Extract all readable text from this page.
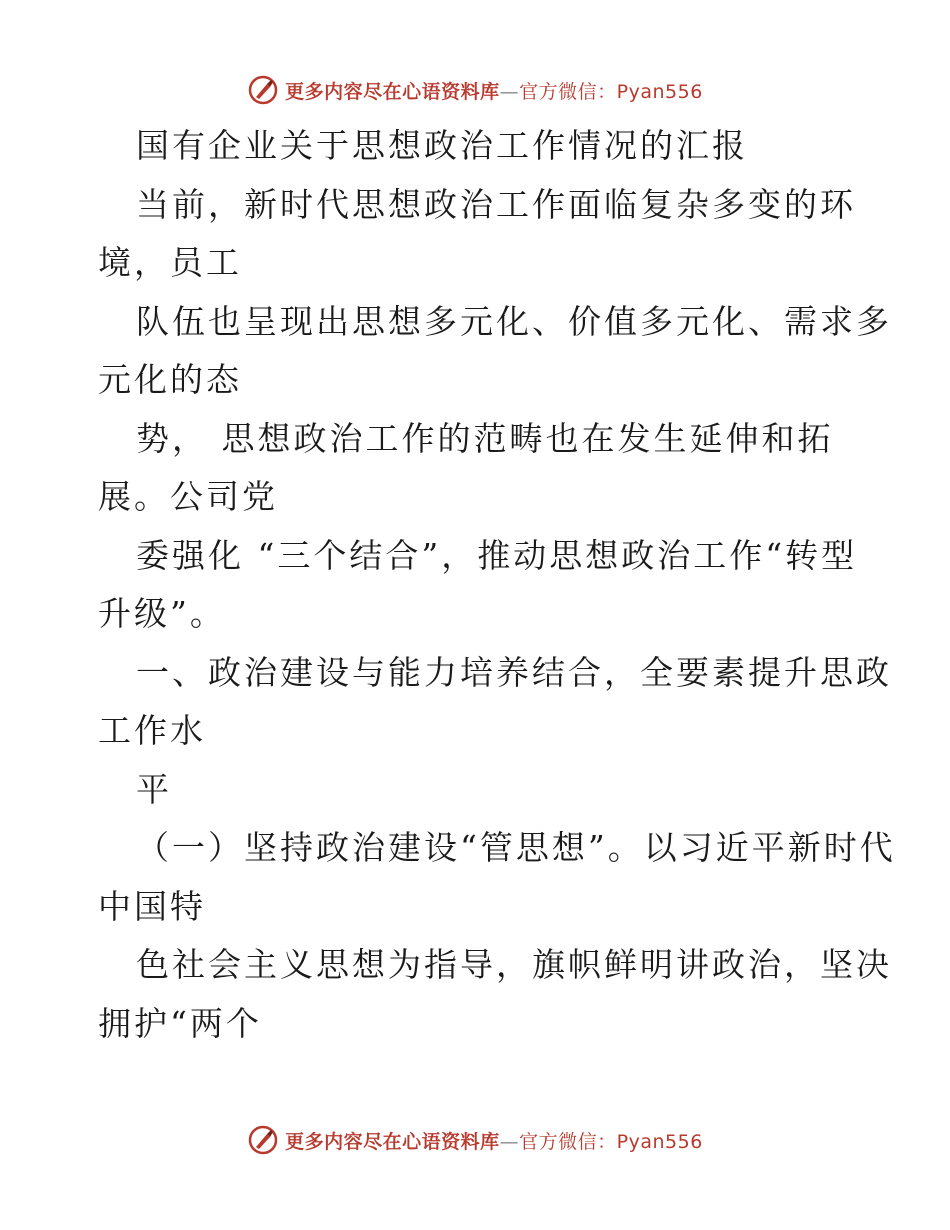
更多内容尽在心语资料库—官方微信：Pyan556
国有企业关于思想政治工作情况的汇报
当前，新时代思想政治工作面临复杂多变的环
境，员工
队伍也呈现出思想多元化、价值多元化、需求多
元化的态
势， 思想政治工作的范畴也在发生延伸和拓
展。公司党
委强化 “三个结合”，推动思想政治工作“转型
升级”。
一、政治建设与能力培养结合，全要素提升思政
工作水
平
（一）坚持政治建设“管思想”。以习近平新时代
中国特
色社会主义思想为指导，旗帜鲜明讲政治，坚决
拥护“两个
更多内容尽在心语资料库—官方微信：Pyan556
